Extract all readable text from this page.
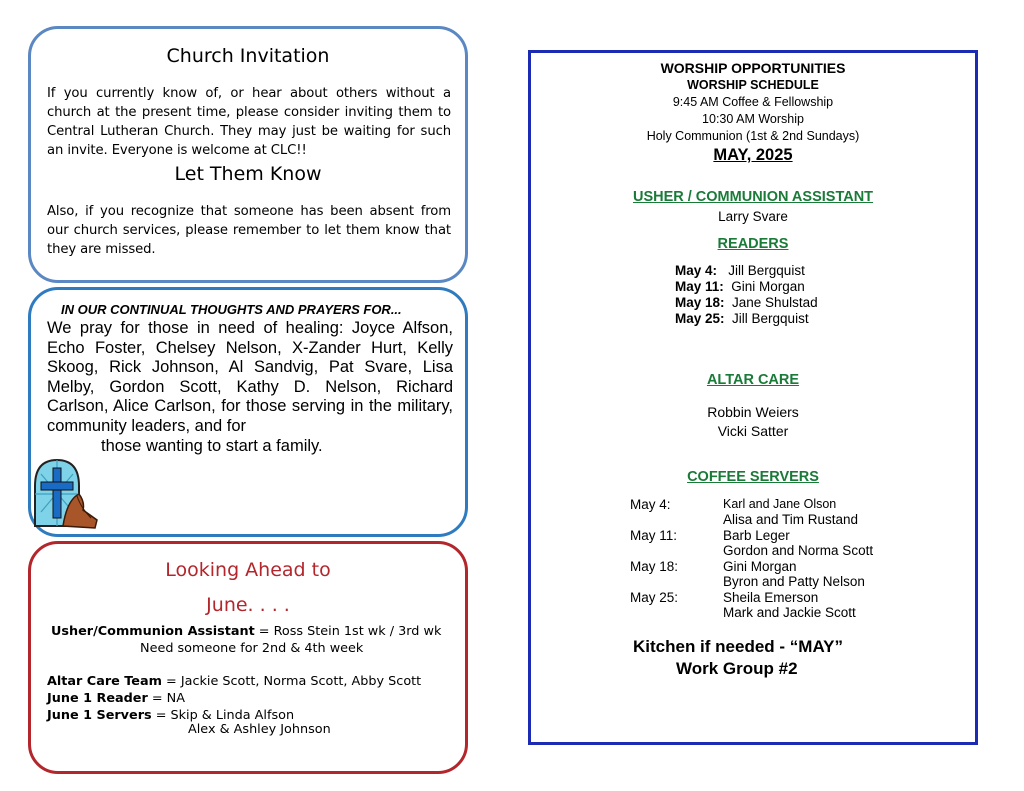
Church Invitation
If you currently know of, or hear about others without a church at the present time, please consider inviting them to Central Lutheran Church. They may just be waiting for such an invite. Everyone is welcome at CLC!!
Let Them Know
Also, if you recognize that someone has been absent from our church services, please remember to let them know that they are missed.
IN OUR CONTINUAL THOUGHTS AND PRAYERS FOR...
We pray for those in need of healing: Joyce Alfson, Echo Foster, Chelsey Nelson, X-Zander Hurt, Kelly Skoog, Rick Johnson, Al Sandvig, Pat Svare, Lisa Melby, Gordon Scott, Kathy D. Nelson, Richard Carlson, Alice Carlson, for those serving in the military, community leaders, and for
those wanting to start a family.
Looking Ahead to
June. . . .
Usher/Communion Assistant = Ross Stein 1st wk / 3rd wk
Need someone for 2nd & 4th week
Altar Care Team = Jackie Scott, Norma Scott, Abby Scott
June 1 Reader = NA
June 1 Servers = Skip & Linda Alfson
Alex & Ashley Johnson
WORSHIP OPPORTUNITIES
WORSHIP SCHEDULE
9:45 AM Coffee & Fellowship
10:30 AM Worship
Holy Communion (1st & 2nd Sundays)
MAY, 2025
USHER / COMMUNION ASSISTANT
Larry Svare
READERS
May 4:   Jill Bergquist
May 11:  Gini Morgan
May 18:  Jane Shulstad
May 25:  Jill Bergquist
ALTAR CARE
Robbin Weiers
Vicki Satter
COFFEE SERVERS
May 4:	Karl and Jane Olson
Alisa and Tim Rustand
May 11:	Barb Leger
Gordon and Norma Scott
May 18:	Gini Morgan
Byron and Patty Nelson
May 25:	Sheila Emerson
Mark and Jackie Scott
Kitchen if needed - “MAY”
Work Group #2
